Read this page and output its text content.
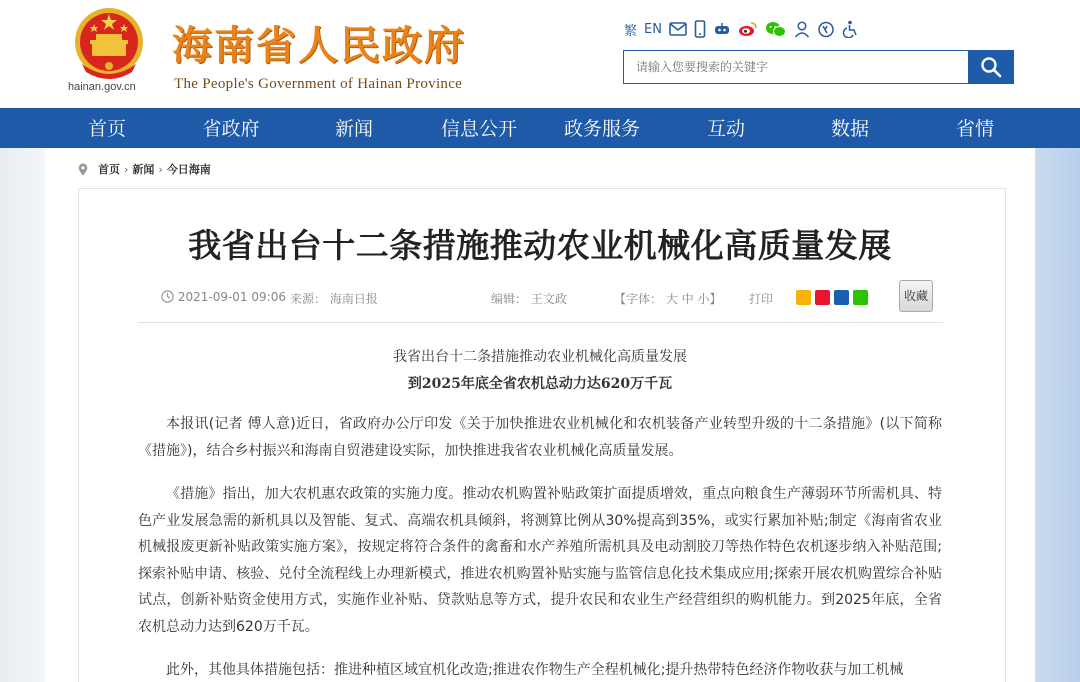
hainan.gov.cn
海南省人民政府
The People's Government of Hainan Province
繁 EN
请输入您要搜索的关键字
首页	省政府	新闻	信息公开 政务服务	互动	数据	省情
首页 › 新闻 › 今日海南
我省出台十二条措施推动农业机械化高质量发展
2021-09-01 09:06 来源： 海南日报	编辑： 王文政	【字体： 大 中 小】 打印	收藏
我省出台十二条措施推动农业机械化高质量发展
到2025年底全省农机总动力达620万千瓦

本报讯(记者 傅人意)近日，省政府办公厅印发《关于加快推进农业机械化和农机装备产业转型升级的十二条措施》(以下简称《措施》)，结合乡村振兴和海南自贸港建设实际，加快推进我省农业机械化高质量发展。

《措施》指出，加大农机惠农政策的实施力度。推动农机购置补贴政策扩面提质增效，重点向粮食生产薄弱环节所需机具、特色产业发展急需的新机具以及智能、复式、高端农机具倾斜，将测算比例从30%提高到35%，或实行累加补贴;制定《海南省农业机械报废更新补贴政策实施方案》，按规定将符合条件的禽畜和水产养殖所需机具及电动割胶刀等热作特色农机逐步纳入补贴范围;探索补贴申请、核验、兑付全流程线上办理新模式，推进农机购置补贴实施与监管信息化技术集成应用;探索开展农机购置综合补贴试点，创新补贴资金使用方式，实施作业补贴、贷款贴息等方式，提升农民和农业生产经营组织的购机能力。到2025年底，全省农机总动力达到620万千瓦。

此外，其他具体措施包括：推进种植区域宜机化改造;推进农作物生产全程机械化;提升热带特色经济作物收获与加工机械
